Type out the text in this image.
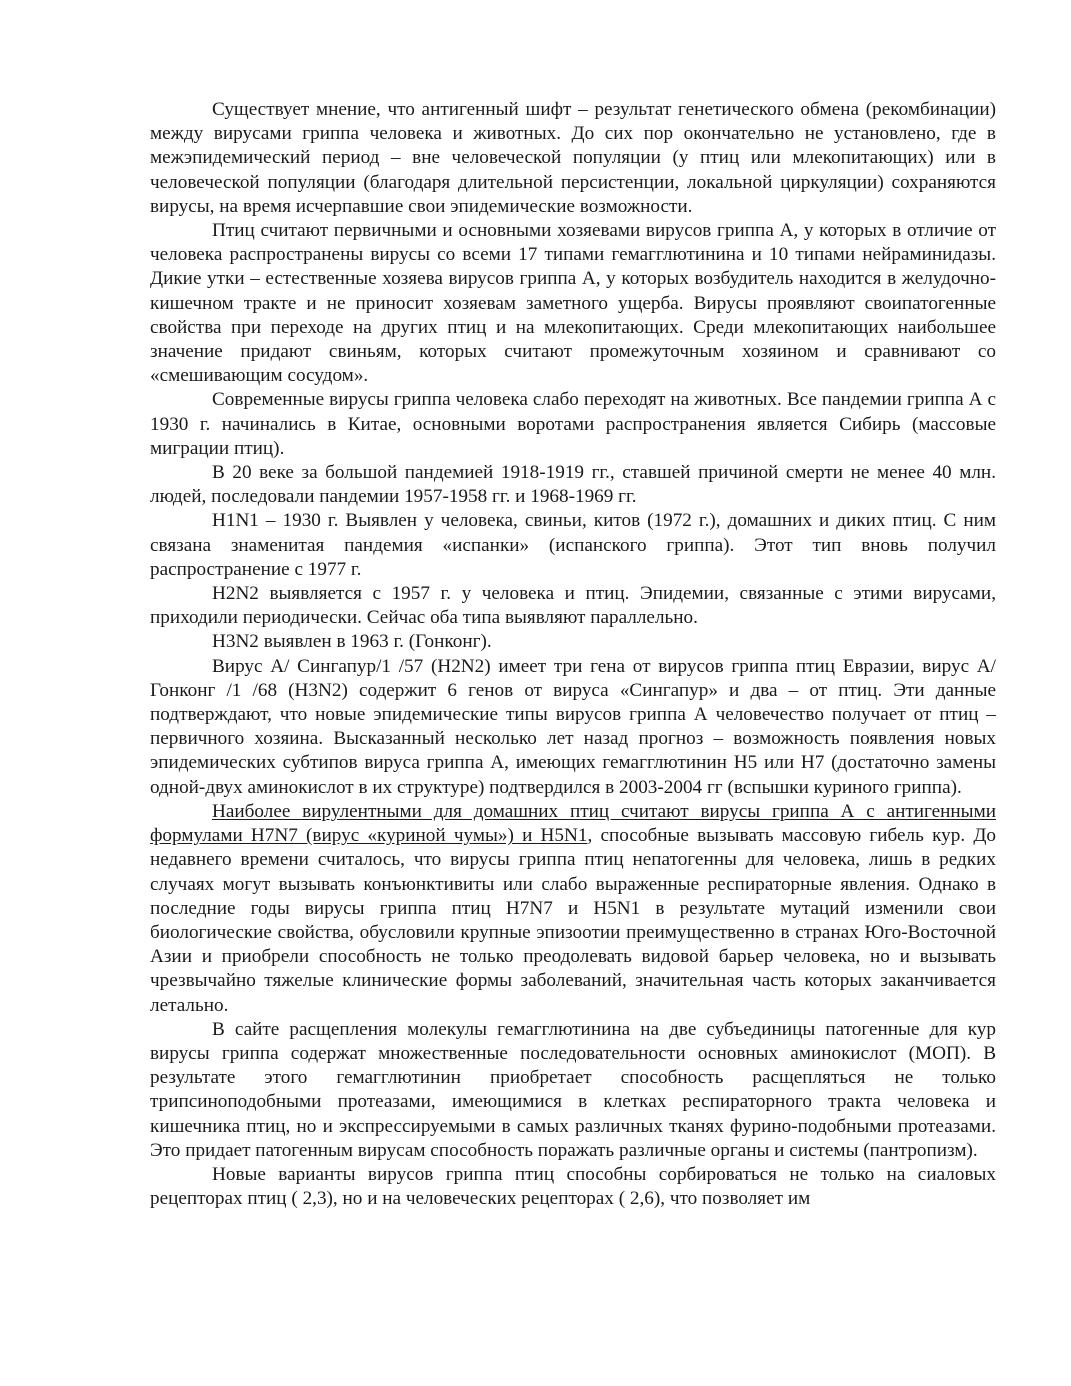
Существует мнение, что антигенный шифт – результат генетического обмена (рекомбинации) между вирусами гриппа человека и животных. До сих пор окончательно не установлено, где в межэпидемический период – вне человеческой популяции (у птиц или млекопитающих) или в человеческой популяции (благодаря длительной персистенции, локальной циркуляции) сохраняются вирусы, на время исчерпавшие свои эпидемические возможности.

Птиц считают первичными и основными хозяевами вирусов гриппа А, у которых в отличие от человека распространены вирусы со всеми 17 типами гемагглютинина и 10 типами нейраминидазы. Дикие утки – естественные хозяева вирусов гриппа А, у которых возбудитель находится в желудочно-кишечном тракте и не приносит хозяевам заметного ущерба. Вирусы проявляют своипатогенные свойства при переходе на других птиц и на млекопитающих. Среди млекопитающих наибольшее значение придают свиньям, которых считают промежуточным хозяином и сравнивают со «смешивающим сосудом».

Современные вирусы гриппа человека слабо переходят на животных. Все пандемии гриппа А с 1930 г. начинались в Китае, основными воротами распространения является Сибирь (массовые миграции птиц).

В 20 веке за большой пандемией 1918-1919 гг., ставшей причиной смерти не менее 40 млн. людей, последовали пандемии 1957-1958 гг. и 1968-1969 гг.

H1N1 – 1930 г. Выявлен у человека, свиньи, китов (1972 г.), домашних и диких птиц. С ним связана знаменитая пандемия «испанки» (испанского гриппа). Этот тип вновь получил распространение с 1977 г.

H2N2 выявляется с 1957 г. у человека и птиц. Эпидемии, связанные с этими вирусами, приходили периодически. Сейчас оба типа выявляют параллельно.

H3N2 выявлен в 1963 г. (Гонконг).

Вирус А/ Сингапур/1 /57 (H2N2) имеет три гена от вирусов гриппа птиц Евразии, вирус А/ Гонконг /1 /68 (H3N2) содержит 6 генов от вируса «Сингапур» и два – от птиц. Эти данные подтверждают, что новые эпидемические типы вирусов гриппа А человечество получает от птиц – первичного хозяина. Высказанный несколько лет назад прогноз – возможность появления новых эпидемических субтипов вируса гриппа А, имеющих гемагглютинин Н5 или Н7 (достаточно замены одной-двух аминокислот в их структуре) подтвердился в 2003-2004 гг (вспышки куриного гриппа).

Наиболее вирулентными для домашних птиц считают вирусы гриппа А с антигенными формулами H7N7 (вирус «куриной чумы») и H5N1, способные вызывать массовую гибель кур. До недавнего времени считалось, что вирусы гриппа птиц непатогенны для человека, лишь в редких случаях могут вызывать конъюнктивиты или слабо выраженные респираторные явления. Однако в последние годы вирусы гриппа птиц H7N7 и H5N1 в результате мутаций изменили свои биологические свойства, обусловили крупные эпизоотии преимущественно в странах Юго-Восточной Азии и приобрели способность не только преодолевать видовой барьер человека, но и вызывать чрезвычайно тяжелые клинические формы заболеваний, значительная часть которых заканчивается летально.

В сайте расщепления молекулы гемагглютинина на две субъединицы патогенные для кур вирусы гриппа содержат множественные последовательности основных аминокислот (МОП). В результате этого гемагглютинин приобретает способность расщепляться не только трипсиноподобными протеазами, имеющимися в клетках респираторного тракта человека и кишечника птиц, но и экспрессируемыми в самых различных тканях фурино-подобными протеазами. Это придает патогенным вирусам способность поражать различные органы и системы (пантропизм).

Новые варианты вирусов гриппа птиц способны сорбироваться не только на сиаловых рецепторах птиц ( 2,3), но и на человеческих рецепторах ( 2,6), что позволяет им
